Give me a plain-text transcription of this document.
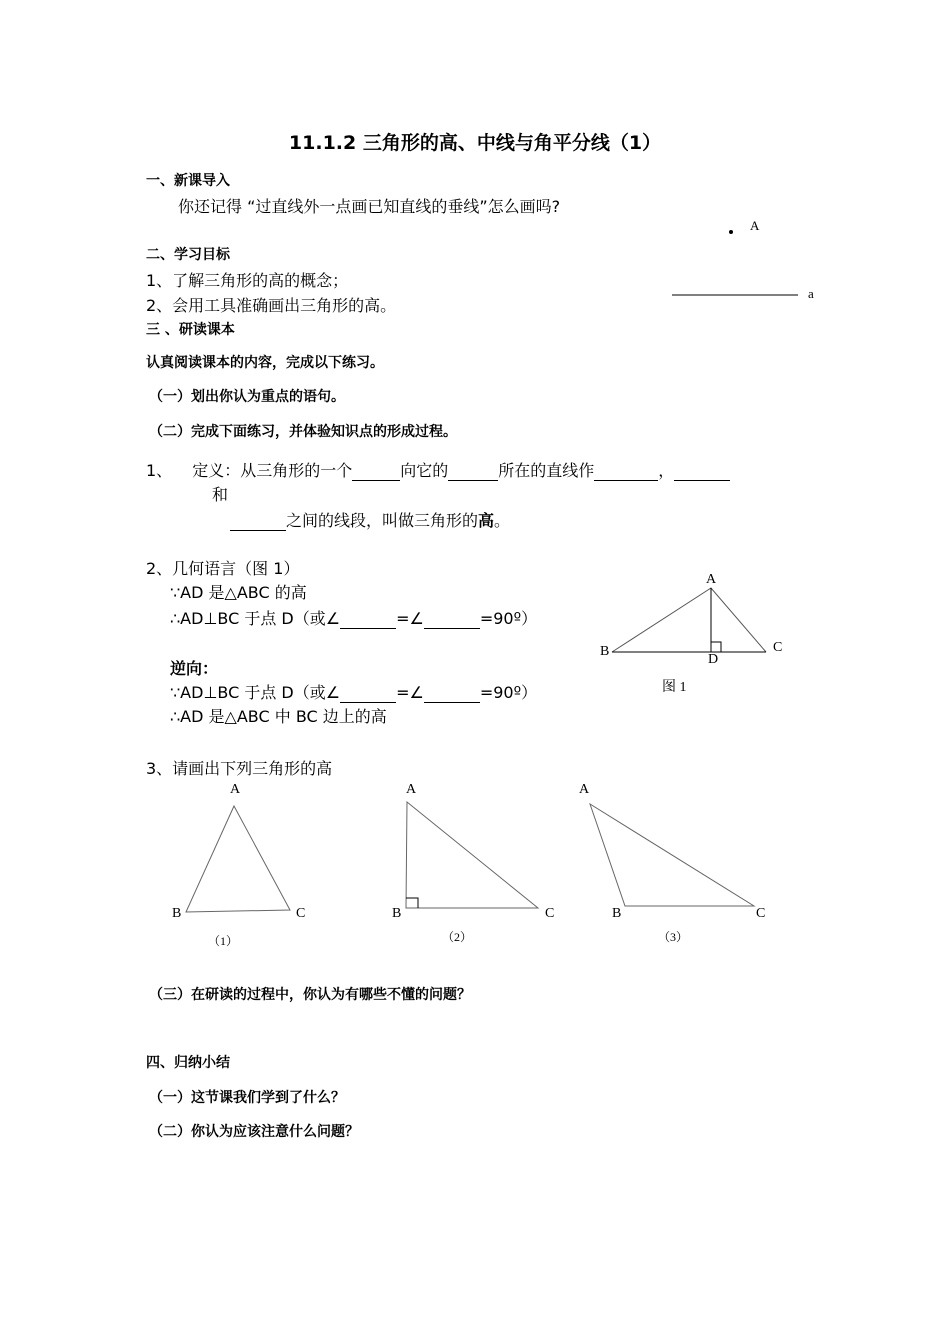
11.1.2 三角形的高、中线与角平分线（1）
一、新课导入
你还记得 “过直线外一点画已知直线的垂线”怎么画吗?
A
a
二、学习目标
1、了解三角形的高的概念；
2、会用工具准确画出三角形的高。
三 、研读课本
认真阅读课本的内容，完成以下练习。
（一）划出你认为重点的语句。
（二）完成下面练习，并体验知识点的形成过程。
1、 定义：从三角形的一个	向它的	所在的直线作	，
和
之间的线段，叫做三角形的高。
2、几何语言（图 1）
∵AD 是△ABC 的高
∴AD⊥BC 于点 D（或∠	=∠	=90º）
逆向：
∵AD⊥BC 于点 D（或∠	=∠	=90º）
∴AD 是△ABC 中 BC 边上的高
A
B	C
D
图 1
3、请画出下列三角形的高
A
B	C
（1）
A
B	C
（2）
A
B	C
（3）
（三）在研读的过程中，你认为有哪些不懂的问题？
四、归纳小结
（一）这节课我们学到了什么？
（二）你认为应该注意什么问题？
